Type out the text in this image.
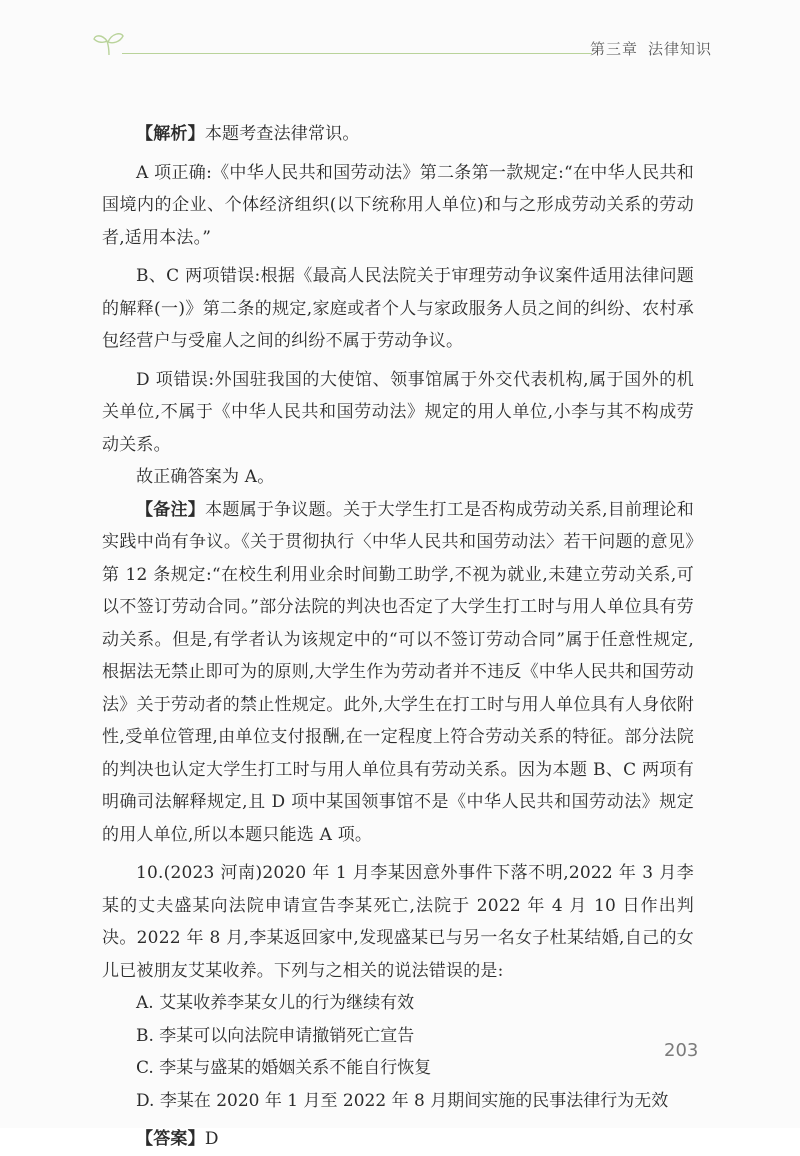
第三章 法律知识

【解析】本题考查法律常识。

A 项正确:《中华人民共和国劳动法》第二条第一款规定:“在中华人民共和国境内的企业、个体经济组织(以下统称用人单位)和与之形成劳动关系的劳动者,适用本法。”

B、C 两项错误:根据《最高人民法院关于审理劳动争议案件适用法律问题的解释(一)》第二条的规定,家庭或者个人与家政服务人员之间的纠纷、农村承包经营户与受雇人之间的纠纷不属于劳动争议。

D 项错误:外国驻我国的大使馆、领事馆属于外交代表机构,属于国外的机关单位,不属于《中华人民共和国劳动法》规定的用人单位,小李与其不构成劳动关系。

故正确答案为 A。

【备注】本题属于争议题。关于大学生打工是否构成劳动关系,目前理论和实践中尚有争议。《关于贯彻执行〈中华人民共和国劳动法〉若干问题的意见》第 12 条规定:“在校生利用业余时间勤工助学,不视为就业,未建立劳动关系,可以不签订劳动合同。”部分法院的判决也否定了大学生打工时与用人单位具有劳动关系。但是,有学者认为该规定中的“可以不签订劳动合同”属于任意性规定,根据法无禁止即可为的原则,大学生作为劳动者并不违反《中华人民共和国劳动法》关于劳动者的禁止性规定。此外,大学生在打工时与用人单位具有人身依附性,受单位管理,由单位支付报酬,在一定程度上符合劳动关系的特征。部分法院的判决也认定大学生打工时与用人单位具有劳动关系。因为本题 B、C 两项有明确司法解释规定,且 D 项中某国领事馆不是《中华人民共和国劳动法》规定的用人单位,所以本题只能选 A 项。

10.(2023 河南)2020 年 1 月李某因意外事件下落不明,2022 年 3 月李某的丈夫盛某向法院申请宣告李某死亡,法院于 2022 年 4 月 10 日作出判决。2022 年 8 月,李某返回家中,发现盛某已与另一名女子杜某结婚,自己的女儿已被朋友艾某收养。下列与之相关的说法错误的是:

A. 艾某收养李某女儿的行为继续有效

B. 李某可以向法院申请撤销死亡宣告

C. 李某与盛某的婚姻关系不能自行恢复

D. 李某在 2020 年 1 月至 2022 年 8 月期间实施的民事法律行为无效

【答案】D

203
